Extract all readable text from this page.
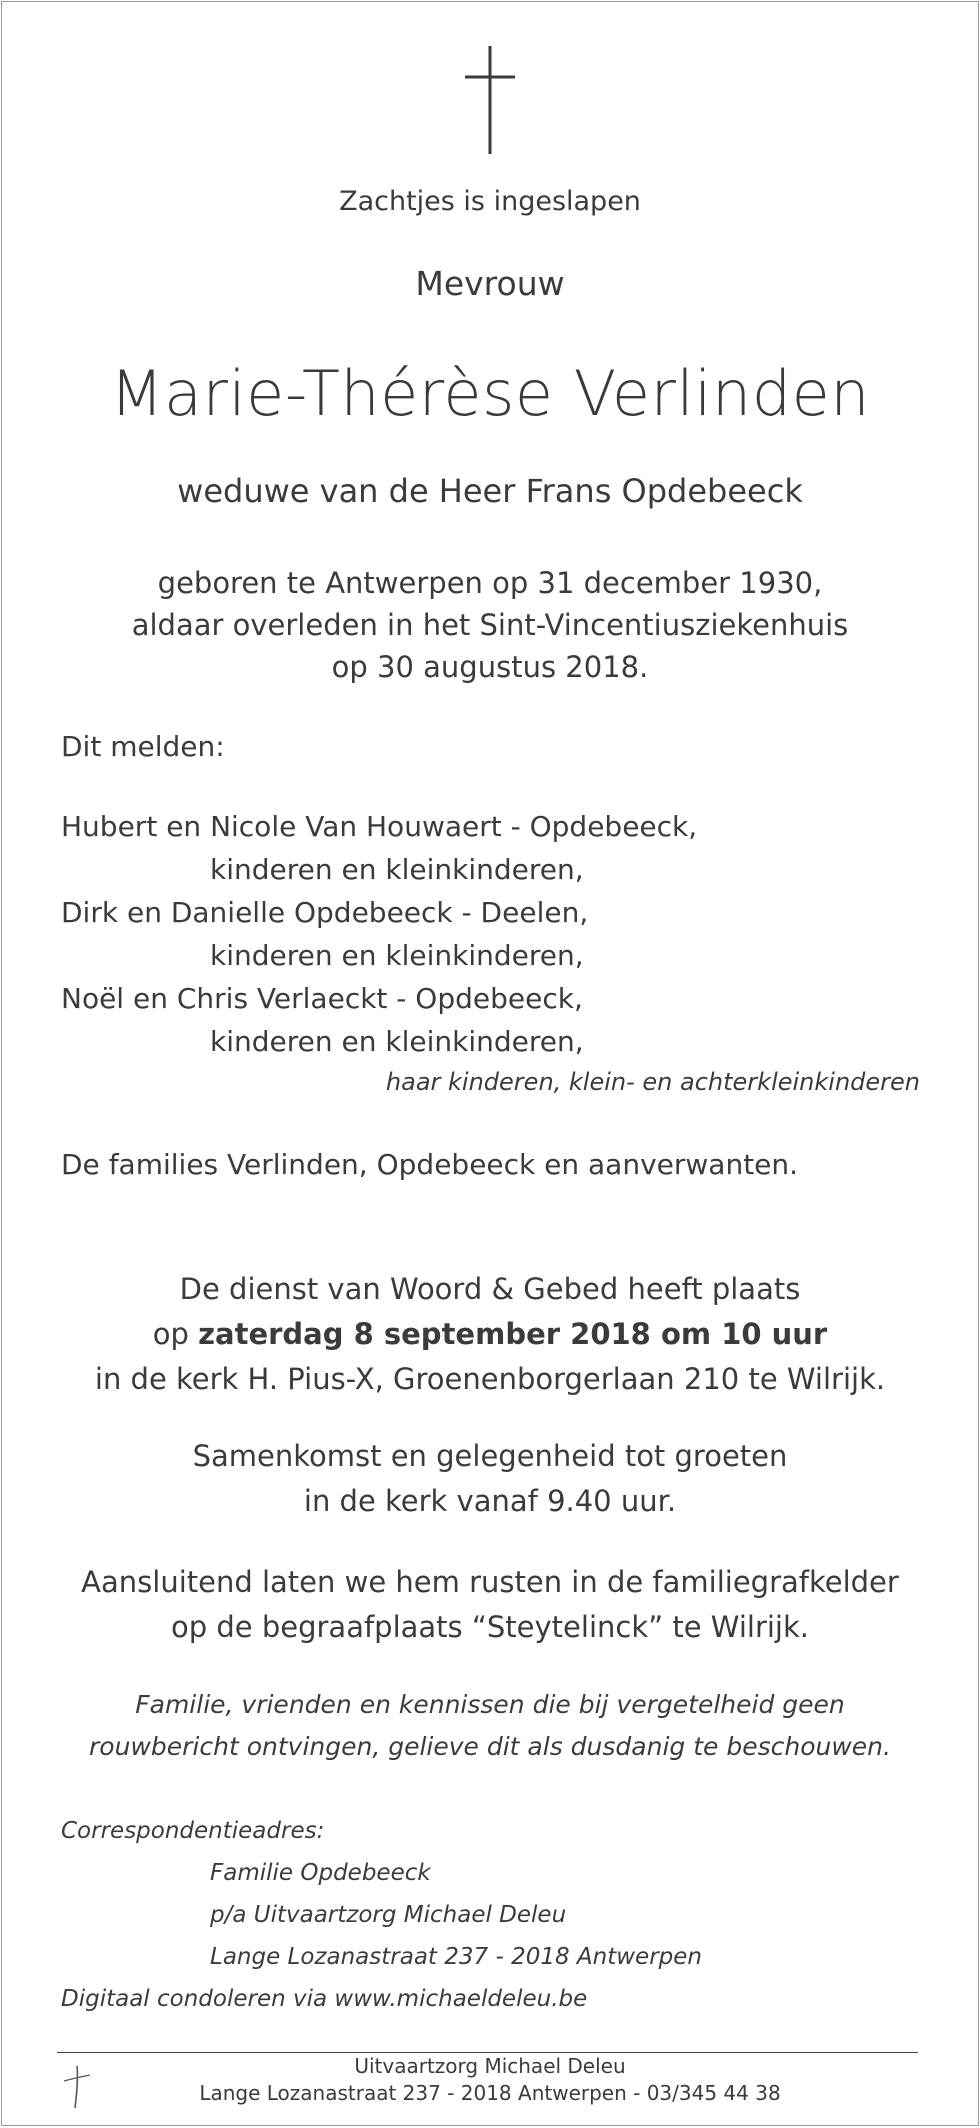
Zachtjes is ingeslapen

Mevrouw

Marie-Thérèse Verlinden

weduwe van de Heer Frans Opdebeeck

geboren te Antwerpen op 31 december 1930,
aldaar overleden in het Sint-Vincentiusziekenhuis
op 30 augustus 2018.

Dit melden:

Hubert en Nicole Van Houwaert - Opdebeeck,

kinderen en kleinkinderen,

Dirk en Danielle Opdebeeck - Deelen,

kinderen en kleinkinderen,

Noël en Chris Verlaeckt - Opdebeeck,

kinderen en kleinkinderen,

haar kinderen, klein- en achterkleinkinderen

De families Verlinden, Opdebeeck en aanverwanten.

De dienst van Woord & Gebed heeft plaats
op zaterdag 8 september 2018 om 10 uur
in de kerk H. Pius-X, Groenenborgerlaan 210 te Wilrijk.
Samenkomst en gelegenheid tot groeten
in de kerk vanaf 9.40 uur.
Aansluitend laten we hem rusten in de familiegrafkelder
op de begraafplaats “Steytelinck” te Wilrijk.
Familie, vrienden en kennissen die bij vergetelheid geen
rouwbericht ontvingen, gelieve dit als dusdanig te beschouwen.

Correspondentieadres:

Familie Opdebeeck

p/a Uitvaartzorg Michael Deleu

Lange Lozanastraat 237 - 2018 Antwerpen

Digitaal condoleren via www.michaeldeleu.be

Uitvaartzorg Michael Deleu
Lange Lozanastraat 237 - 2018 Antwerpen - 03/345 44 38
